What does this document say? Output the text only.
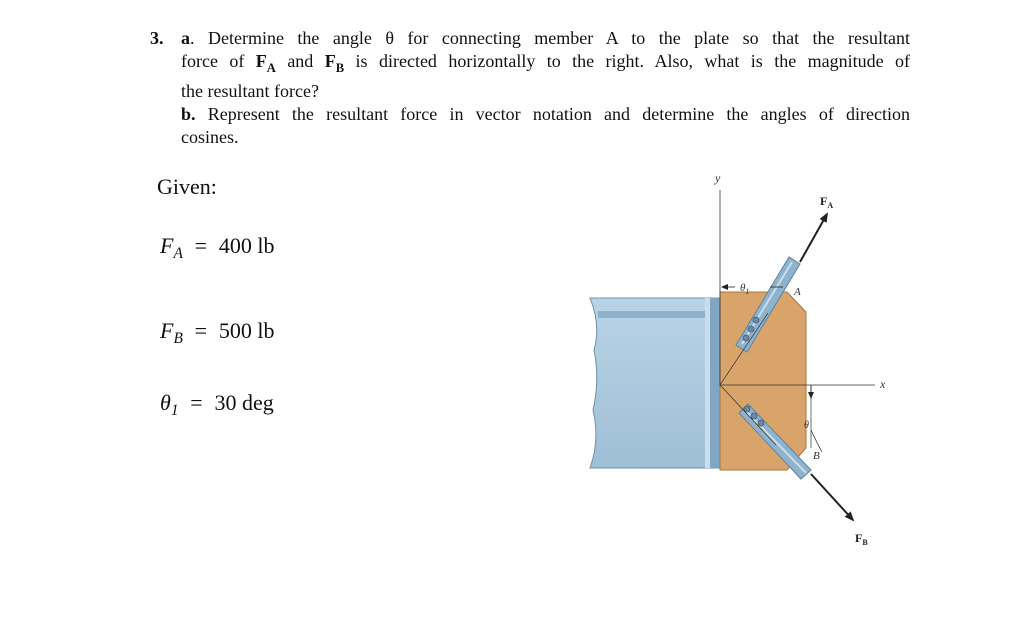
3. a. Determine the angle θ for connecting member A to the plate so that the resultant
force of $F_A$ and $F_B$ is directed horizontally to the right. Also, what is the magnitude of
the resultant force?
b. Represent the resultant force in vector notation and determine the angles of direction
cosines.
Given:
$F_A = 400$ lb
$F_B = 500$ lb
$\theta_1 = 30$ deg
y
x
$F_A$
$F_B$
A
B
$\theta_1$
θ
